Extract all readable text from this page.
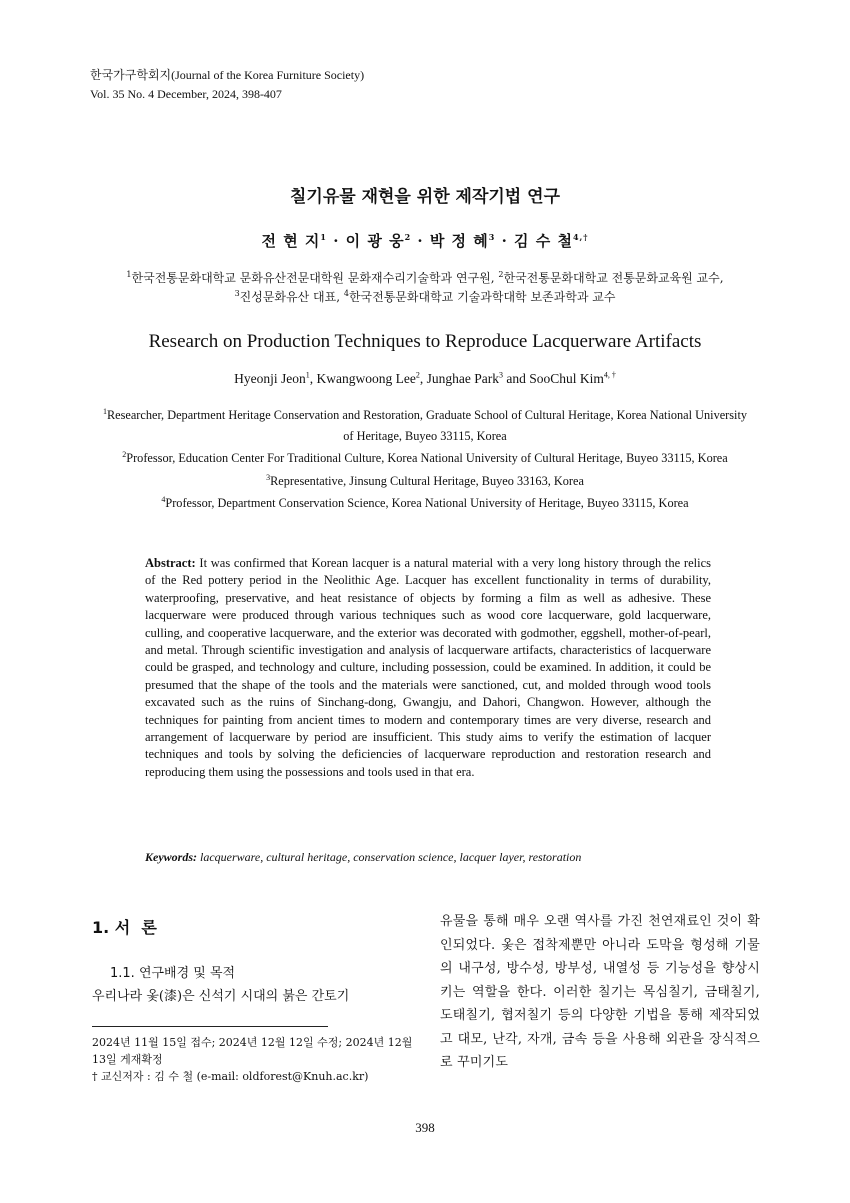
한국가구학회지(Journal of the Korea Furniture Society)
Vol. 35 No. 4 December, 2024, 398-407
칠기유물 재현을 위한 제작기법 연구
전 현 지$^1$ · 이 광 웅$^2$ · 박 정 혜$^3$ · 김 수 철$^{4,\dagger}$
$^1$한국전통문화대학교 문화유산전문대학원 문화재수리기술학과 연구원, $^2$한국전통문화대학교 전통문화교육원 교수,
$^3$진성문화유산 대표, $^4$한국전통문화대학교 기술과학대학 보존과학과 교수
Research on Production Techniques to Reproduce Lacquerware Artifacts
Hyeonji Jeon$^1$, Kwangwoong Lee$^2$, Junghae Park$^3$ and SooChul Kim$^{4, \dagger}$

$^1$Researcher, Department Heritage Conservation and Restoration, Graduate School of Cultural Heritage, Korea National University of Heritage, Buyeo 33115, Korea

$^2$Professor, Education Center For Traditional Culture, Korea National University of Cultural Heritage, Buyeo 33115, Korea

$^3$Representative, Jinsung Cultural Heritage, Buyeo 33163, Korea

$^4$Professor, Department Conservation Science, Korea National University of Heritage, Buyeo 33115, Korea

Abstract: It was confirmed that Korean lacquer is a natural material with a very long history through the relics of the Red pottery period in the Neolithic Age. Lacquer has excellent functionality in terms of durability, waterproofing, preservative, and heat resistance of objects by forming a film as well as adhesive. These lacquerware were produced through various techniques such as wood core lacquerware, gold lacquerware, culling, and cooperative lacquerware, and the exterior was decorated with godmother, eggshell, mother-of-pearl, and metal. Through scientific investigation and analysis of lacquerware artifacts, characteristics of lacquerware could be grasped, and technology and culture, including possession, could be examined. In addition, it could be presumed that the shape of the tools and the materials were sanctioned, cut, and molded through wood tools excavated such as the ruins of Sinchang-dong, Gwangju, and Dahori, Changwon. However, although the techniques for painting from ancient times to modern and contemporary times are very diverse, research and arrangement of lacquerware by period are insufficient. This study aims to verify the estimation of lacquer techniques and tools by solving the deficiencies of lacquerware reproduction and restoration research and reproducing them using the possessions and tools used in that era.
Keywords: lacquerware, cultural heritage, conservation science, lacquer layer, restoration
1. 서  론
1.1. 연구배경 및 목적
우리나라 옻(漆)은 신석기 시대의 붉은 간토기
2024년 11월 15일 접수; 2024년 12월 12일 수정; 2024년 12월 13일 게재확정
† 교신저자 : 김 수 철 (e-mail: oldforest@Knuh.ac.kr)
유물을 통해 매우 오랜 역사를 가진 천연재료인 것이 확인되었다. 옻은 접착제뿐만 아니라 도막을 형성해 기물의 내구성, 방수성, 방부성, 내열성 등 기능성을 향상시키는 역할을 한다. 이러한 칠기는 목심칠기, 금태칠기, 도태칠기, 협저칠기 등의 다양한 기법을 통해 제작되었고 대모, 난각, 자개, 금속 등을 사용해 외관을 장식적으로 꾸미기도
398
